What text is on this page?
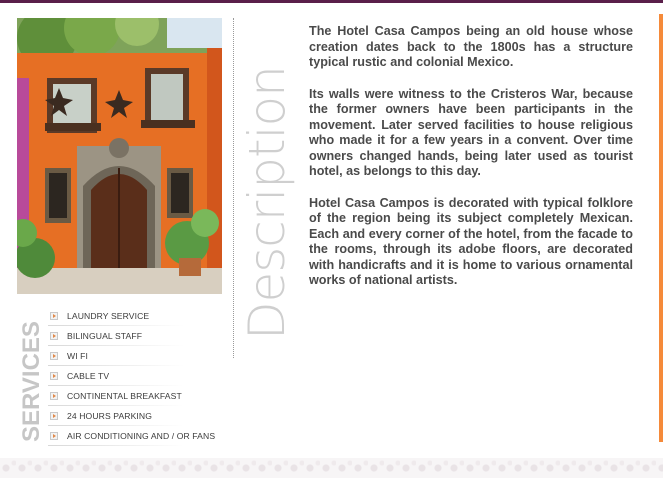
Description

The Hotel Casa Campos being an old house whose creation dates back to the 1800s has a structure typical rustic and colonial Mexico.

Its walls were witness to the Cristeros War, because the former owners have been participants in the movement. Later served facilities to house religious who made it for a few years in a convent. Over time owners changed hands, being later used as tourist hotel, as belongs to this day.

Hotel Casa Campos is decorated with typical folklore of the region being its subject completely Mexican. Each and every corner of the hotel, from the facade to the rooms, through its adobe floors, are decorated with handicrafts and it is home to various ornamental works of national artists.

SERVICES
LAUNDRY SERVICE
BILINGUAL STAFF
WI FI
CABLE TV
CONTINENTAL BREAKFAST
24 HOURS PARKING
AIR CONDITIONING AND / OR FANS
